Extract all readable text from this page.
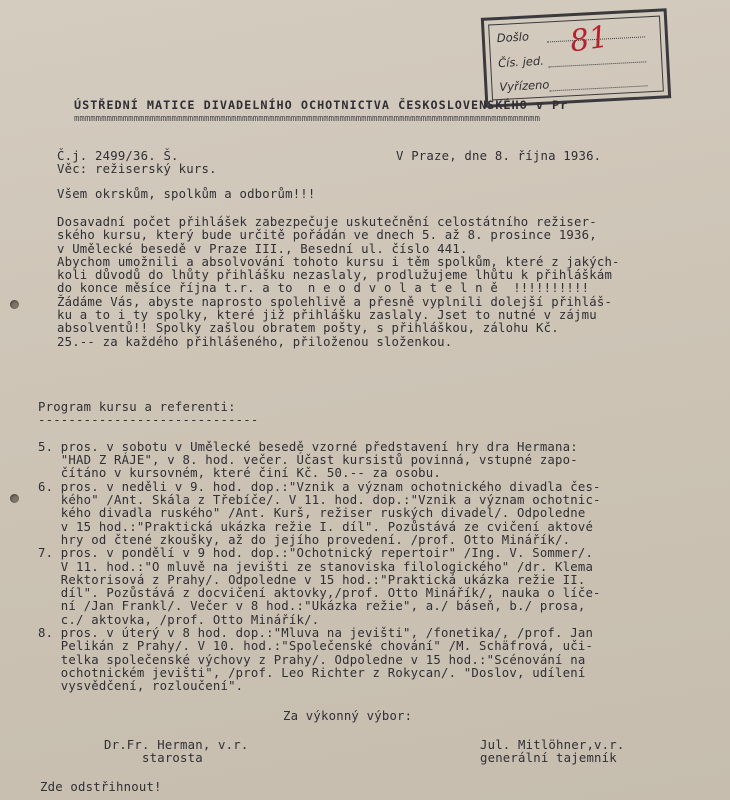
Došlo
Čís. jed.
Vyřízeno
81
ÚSTŘEDNÍ MATICE DIVADELNÍHO OCHOTNICTVA ČESKOSLOVENSKÉHO v Pr
mmmmmmmmmmmmmmmmmmmmmmmmmmmmmmmmmmmmmmmmmmmmmmmmmmmmmmmmmmmmmmmmmmmmmmmmmmmmmmmmmmmmmm
Č.j. 2499/36. Š.	V Praze, dne 8. října 1936.
Věc: režiserský kurs.
Všem okrskům, spolkům a odborům!!!
Dosavadní počet přihlášek zabezpečuje uskutečnění celostátního režiser-
ského kursu, který bude určitě pořádán ve dnech 5. až 8. prosince 1936,
v Umělecké besedě v Praze III., Besední ul. číslo 441.
Abychom umožnili a absolvování tohoto kursu i těm spolkům, které z jakých-
koli důvodů do lhůty přihlášku nezaslaly, prodlužujeme lhůtu k přihláškám
do konce měsíce října t.r. a to  n e o d v o l a t e l n ě  !!!!!!!!!!
Žádáme Vás, abyste naprosto spolehlivě a přesně vyplnili dolejší přihláš-
ku a to i ty spolky, které již přihlášku zaslaly. Jset to nutné v zájmu
absolventů!! Spolky zašlou obratem pošty, s přihláškou, zálohu Kč.
25.-- za každého přihlášeného, přiloženou složenkou.
Program kursu a referenti:
-----------------------------

5. pros. v sobotu v Umělecké besedě vzorné představení hry dra Hermana:
"HAD Z RÁJE", v 8. hod. večer. Účast kursistů povinná, vstupné zapo-
čítáno v kursovném, které činí Kč. 50.-- za osobu.
6. pros. v neděli v 9. hod. dop.:"Vznik a význam ochotnického divadla čes-
kého" /Ant. Skála z Třebíče/. V 11. hod. dop.:"Vznik a význam ochotnic-
kého divadla ruského" /Ant. Kurš, režiser ruských divadel/. Odpoledne
v 15 hod.:"Praktická ukázka režie I. díl". Pozůstává ze cvičení aktové
hry od čtené zkoušky, až do jejího provedení. /prof. Otto Minářík/.
7. pros. v pondělí v 9 hod. dop.:"Ochotnický repertoir" /Ing. V. Sommer/.
V 11. hod.:"O mluvě na jevišti ze stanoviska filologického" /dr. Klema
Rektorisová z Prahy/. Odpoledne v 15 hod.:"Praktická ukázka režie II.
díl". Pozůstává z docvičení aktovky,/prof. Otto Minářík/, nauka o líče-
ní /Jan Frankl/. Večer v 8 hod.:"Ukázka režie", a./ báseň, b./ prosa,
c./ aktovka, /prof. Otto Minářík/.
8. pros. v úterý v 8 hod. dop.:"Mluva na jevišti", /fonetika/, /prof. Jan
Pelikán z Prahy/. V 10. hod.:"Společenské chování" /M. Schäfrová, uči-
telka společenské výchovy z Prahy/. Odpoledne v 15 hod.:"Scénování na
ochotnickém jevišti", /prof. Leo Richter z Rokycan/. "Doslov, udílení
vysvědčení, rozloučení".
Za výkonný výbor:
Dr.Fr. Herman, v.r.
starosta
Jul. Mitlöhner,v.r.
generální tajemník
Zde odstřihnout!
